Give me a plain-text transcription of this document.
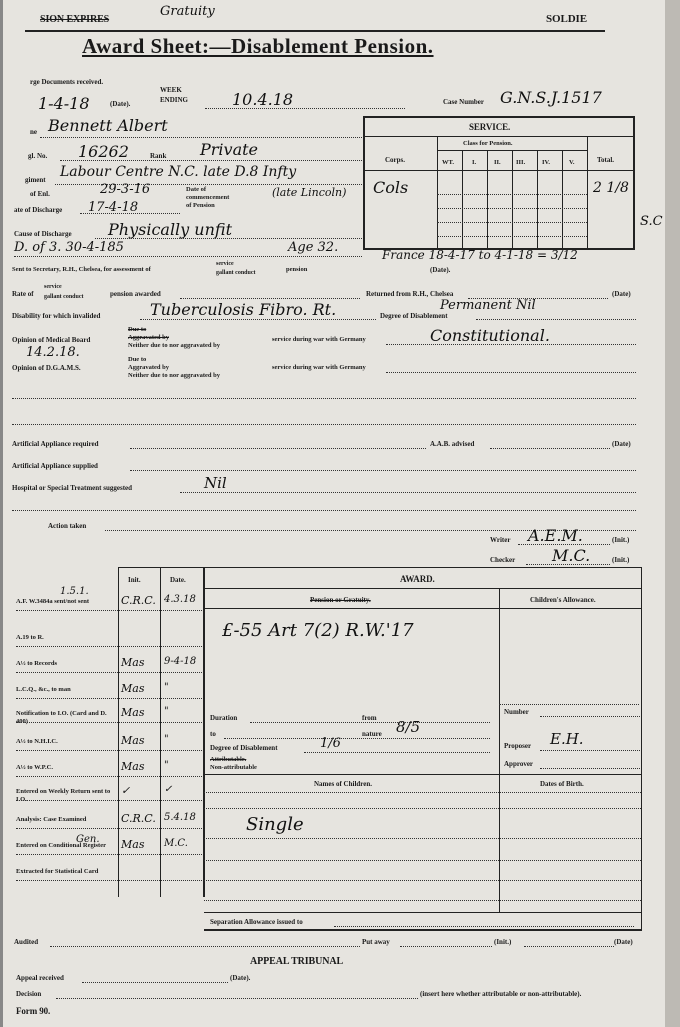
SION EXPIRES
Gratuity	SOLDIE
Award Sheet:—Disablement Pension.
rge Documents received.
WEEK
1-4-18	(Date).	ENDING	10.4.18	Case Number G.N.S.J.1517
ne Bennett Albert
gl. No. 16262	Rank Private
giment Labour Centre N.C. late D.8 Infty
of Enl.	29-3-16	Date of
commencement
of Pension
(late Lincoln)
ate of Discharge 17-4-18
Cause of Discharge Physically unfit
D. of 3. 30-4-185	Age 32.
SERVICE.
Corps.
Class for Pension.
Total.
WT.	I.	II. III.	IV.	V.
Cols	2 1/8
S.C
France 18-4-17 to 4-1-18 = 3/12
(Date).
Sent to Secretary, R.H., Chelsea, for assessment of
service
gallant conduct	pension
Rate of
service
gallant conduct	pension awarded	Returned from R.H., Chelsea	(Date)
Disability for which invalided	Tuberculosis Fibro. Rt.	Permanent Nil
Degree of Disablement
Opinion of Medical Board
14.2.18.
Due to
Aggravated by
Neither due to nor aggravated by
service during war with Germany	Constitutional.
Opinion of D.G.A.M.S.
Due to
Aggravated by
Neither due to nor aggravated by
service during war with Germany
Artificial Appliance required	A.A.B. advised	(Date)
Artificial Appliance supplied
Hospital or Special Treatment suggested	Nil
Action taken
Writer A.E.M.	(Init.)
Checker M.C.	(Init.)
Init.	Date.
1.5.1.
A.F. W.3484a sent/not sent	C.R.C. 4.3.18
A.19 to R.
A½ to Records	Mas 9-4-18
L.C.Q., &c., to man	Mas "
Notification to I.O. (Card and D. 400)
Mas "
A½ to N.H.I.C.	Mas "
A½ to W.P.C.	Mas "
Entered on Weekly Return sent to I.O.
✓	✓
Analysis: Case Examined	C.R.C. 5.4.18
Entered on Conditional Register	Mas M.C.
Extracted for Statistical Card
Gen.
AWARD.
Pension or Gratuity.	Children's Allowance.
£-55 Art 7(2) R.W.'17
Duration	from
to	nature 8/5
Degree of Disablement	1/6
Attributable.
Non-attributable
Number
Proposer E.H.
Approver
Names of Children.	Dates of Birth.
Single
Separation Allowance issued to
Audited	Put away	(Init.)	(Date)
APPEAL TRIBUNAL
Appeal received	(Date).
Decision	(insert here whether attributable or non-attributable).
Form 90.
